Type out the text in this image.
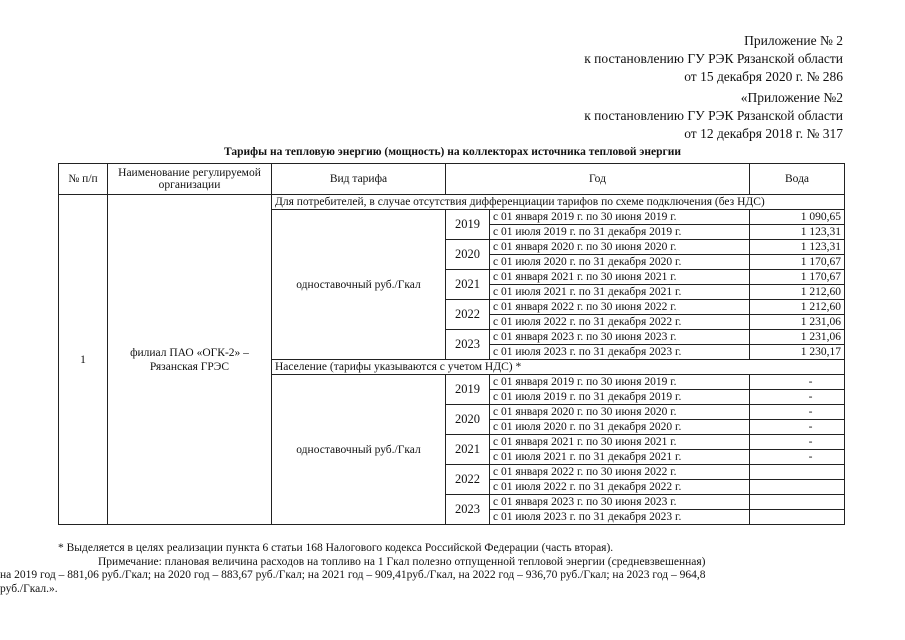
Приложение № 2
к постановлению ГУ РЭК Рязанской области
от 15 декабря 2020 г. № 286
«Приложение №2
к постановлению ГУ РЭК Рязанской области
от 12 декабря 2018 г. № 317
Тарифы на тепловую энергию (мощность) на коллекторах источника тепловой энергии
№ п/п	Наименование регулируемой организации	Вид тарифа	Год		Вода
1	филиал ПАО «ОГК-2» – Рязанская ГРЭС	Для потребителей, в случае отсутствия дифференциации тарифов по схеме подключения (без НДС)			
		одноставочный руб./Гкал	2019	с 01 января 2019 г. по 30 июня 2019 г.	1 090,65
				с 01 июля 2019 г. по 31 декабря 2019 г.	1 123,31
			2020	с 01 января 2020 г. по 30 июня 2020 г.	1 123,31
				с 01 июля 2020 г. по 31 декабря 2020 г.	1 170,67
			2021	с 01 января 2021 г. по 30 июня 2021 г.	1 170,67
				с 01 июля 2021 г. по 31 декабря 2021 г.	1 212,60
			2022	с 01 января 2022 г. по 30 июня 2022 г.	1 212,60
				с 01 июля 2022 г. по 31 декабря 2022 г.	1 231,06
			2023	с 01 января 2023 г. по 30 июня 2023 г.	1 231,06
				с 01 июля 2023 г. по 31 декабря 2023 г.	1 230,17
		Население (тарифы указываются с учетом НДС) *			
		одноставочный руб./Гкал	2019	с 01 января 2019 г. по 30 июня 2019 г.	-
				с 01 июля 2019 г. по 31 декабря 2019 г.	-
			2020	с 01 января 2020 г. по 30 июня 2020 г.	-
				с 01 июля 2020 г. по 31 декабря 2020 г.	-
			2021	с 01 января 2021 г. по 30 июня 2021 г.	-
				с 01 июля 2021 г. по 31 декабря 2021 г.	-
			2022	с 01 января 2022 г. по 30 июня 2022 г.	
				с 01 июля 2022 г. по 31 декабря 2022 г.	
			2023	с 01 января 2023 г. по 30 июня 2023 г.	
				с 01 июля 2023 г. по 31 декабря 2023 г.	

* Выделяется в целях реализации пункта 6 статьи 168 Налогового кодекса Российской Федерации (часть вторая).

Примечание: плановая величина расходов на топливо на 1 Гкал полезно отпущенной тепловой энергии (средневзвешенная)

на 2019 год – 881,06 руб./Гкал; на 2020 год – 883,67 руб./Гкал; на 2021 год – 909,41руб./Гкал, на 2022 год – 936,70 руб./Гкал; на 2023 год – 964,8

руб./Гкал.».
